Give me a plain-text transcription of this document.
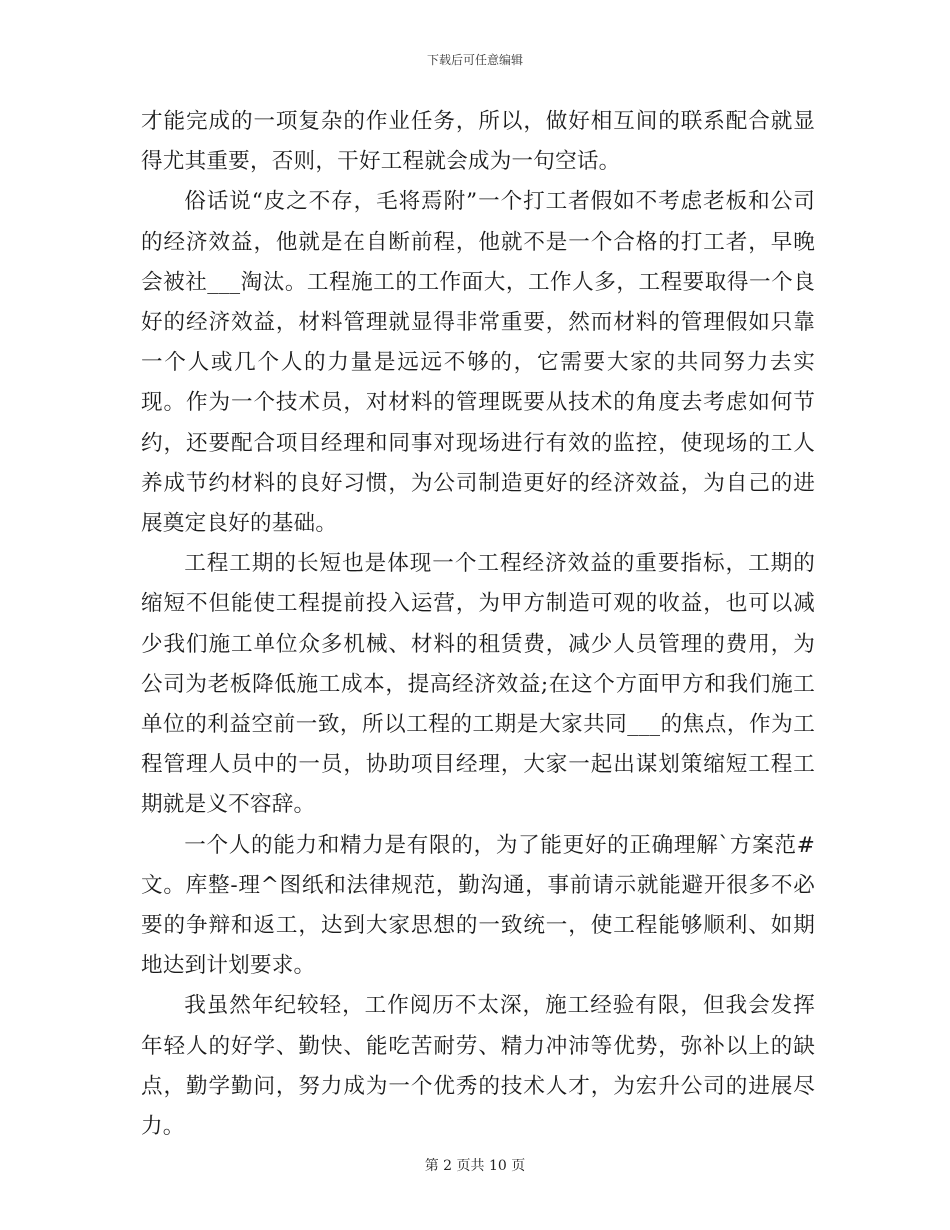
下载后可任意编辑

才能完成的一项复杂的作业任务，所以，做好相互间的联系配合就显得尤其重要，否则，干好工程就会成为一句空话。

俗话说“皮之不存，毛将焉附”一个打工者假如不考虑老板和公司的经济效益，他就是在自断前程，他就不是一个合格的打工者，早晚会被社___淘汰。工程施工的工作面大，工作人多，工程要取得一个良好的经济效益，材料管理就显得非常重要，然而材料的管理假如只靠一个人或几个人的力量是远远不够的，它需要大家的共同努力去实现。作为一个技术员，对材料的管理既要从技术的角度去考虑如何节约，还要配合项目经理和同事对现场进行有效的监控，使现场的工人养成节约材料的良好习惯，为公司制造更好的经济效益，为自己的进展奠定良好的基础。

工程工期的长短也是体现一个工程经济效益的重要指标，工期的缩短不但能使工程提前投入运营，为甲方制造可观的收益，也可以减少我们施工单位众多机械、材料的租赁费，减少人员管理的费用，为公司为老板降低施工成本，提高经济效益;在这个方面甲方和我们施工单位的利益空前一致，所以工程的工期是大家共同___的焦点，作为工程管理人员中的一员，协助项目经理，大家一起出谋划策缩短工程工期就是义不容辞。

一个人的能力和精力是有限的，为了能更好的正确理解`方案范#文。库整-理^图纸和法律规范，勤沟通，事前请示就能避开很多不必要的争辩和返工，达到大家思想的一致统一，使工程能够顺利、如期地达到计划要求。

我虽然年纪较轻，工作阅历不太深，施工经验有限，但我会发挥年轻人的好学、勤快、能吃苦耐劳、精力冲沛等优势，弥补以上的缺点，勤学勤问，努力成为一个优秀的技术人才，为宏升公司的进展尽力。

第 2 页共 10 页
